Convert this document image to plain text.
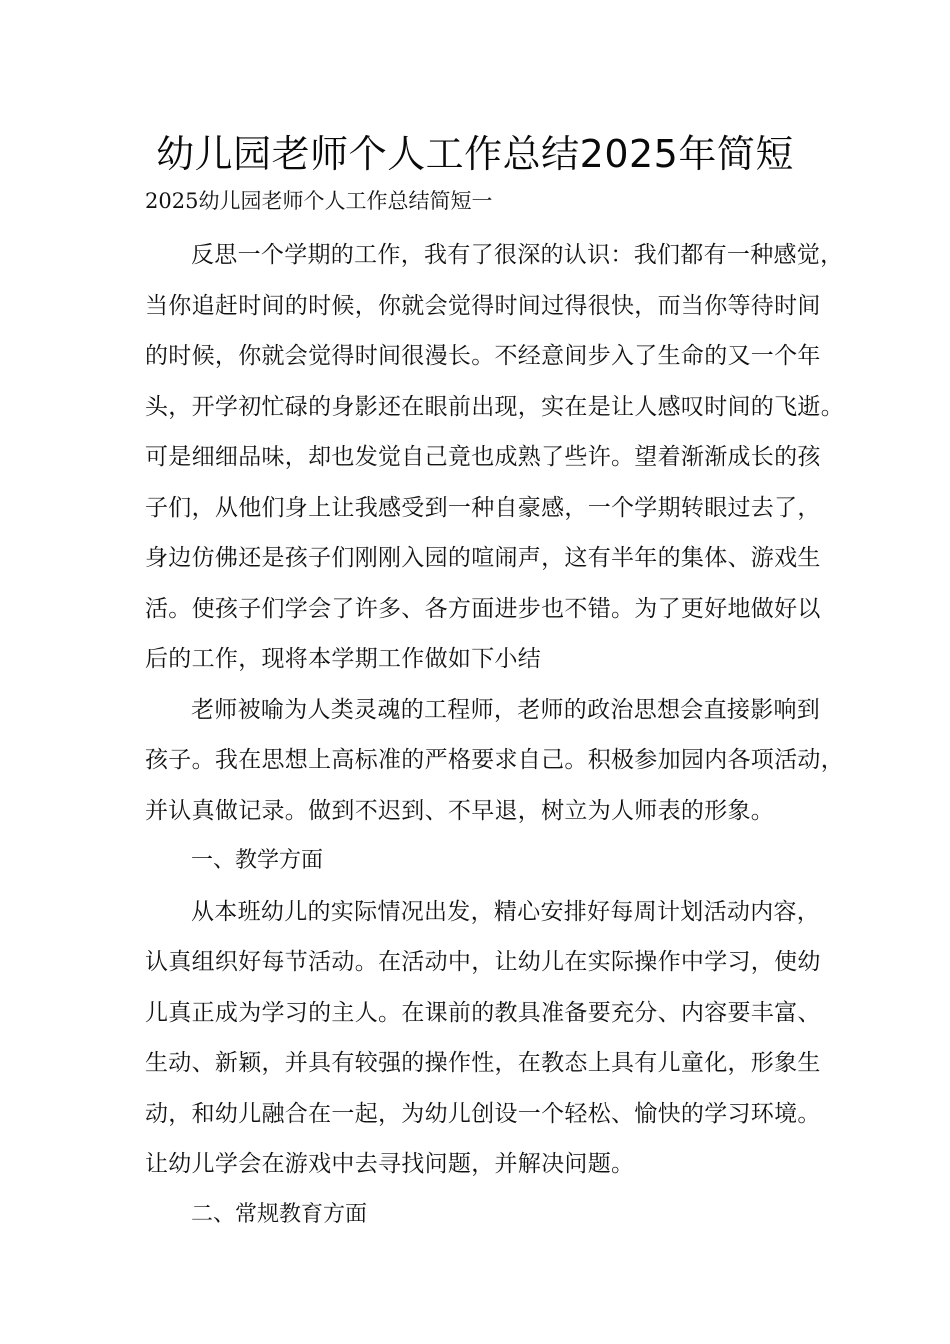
幼儿园老师个人工作总结2025年简短

2025幼儿园老师个人工作总结简短一

反思一个学期的工作，我有了很深的认识：我们都有一种感觉，
当你追赶时间的时候，你就会觉得时间过得很快，而当你等待时间
的时候，你就会觉得时间很漫长。不经意间步入了生命的又一个年
头，开学初忙碌的身影还在眼前出现，实在是让人感叹时间的飞逝。
可是细细品味，却也发觉自己竟也成熟了些许。望着渐渐成长的孩
子们，从他们身上让我感受到一种自豪感，一个学期转眼过去了，
身边仿佛还是孩子们刚刚入园的喧闹声，这有半年的集体、游戏生
活。使孩子们学会了许多、各方面进步也不错。为了更好地做好以
后的工作，现将本学期工作做如下小结

老师被喻为人类灵魂的工程师，老师的政治思想会直接影响到
孩子。我在思想上高标准的严格要求自己。积极参加园内各项活动，
并认真做记录。做到不迟到、不早退，树立为人师表的形象。

一、教学方面

从本班幼儿的实际情况出发，精心安排好每周计划活动内容，
认真组织好每节活动。在活动中，让幼儿在实际操作中学习，使幼
儿真正成为学习的主人。在课前的教具准备要充分、内容要丰富、
生动、新颖，并具有较强的操作性，在教态上具有儿童化，形象生
动，和幼儿融合在一起，为幼儿创设一个轻松、愉快的学习环境。
让幼儿学会在游戏中去寻找问题，并解决问题。

二、常规教育方面
